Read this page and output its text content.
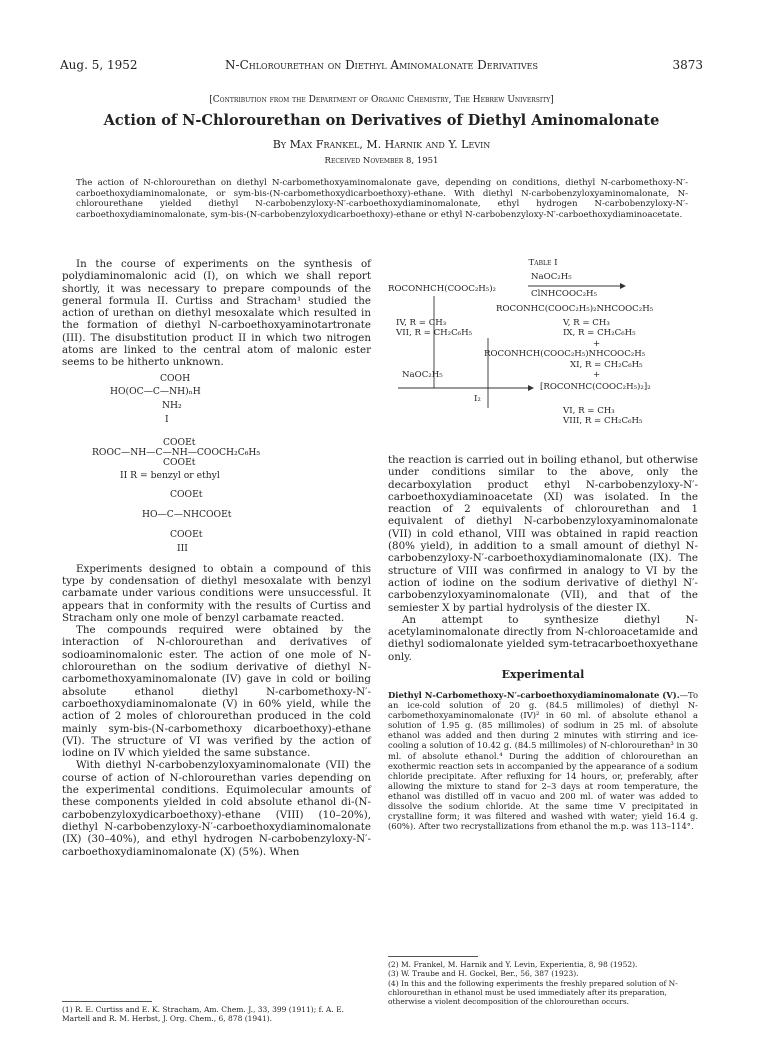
Aug. 5, 1952	N-Chlorourethan on Diethyl Aminomalonate Derivatives	3873
[Contribution from the Department of Organic Chemistry, The Hebrew University]
Action of N-Chlorourethan on Derivatives of Diethyl Aminomalonate
By Max Frankel, M. Harnik and Y. Levin
Received November 8, 1951
The action of N-chlorourethan on diethyl N-carbomethoxyaminomalonate gave, depending on conditions, diethyl N-carbomethoxy-N′-carboethoxydiaminomalonate, or sym-bis-(N-carbomethoxydicarboethoxy)-ethane. With diethyl N-carbobenzyloxyaminomalonate, N-chlorourethane yielded diethyl N-carbobenzyloxy-N′-carboethoxydiaminomalonate, ethyl hydrogen N-carbobenzyloxy-N′-carboethoxydiaminomalonate, sym-bis-(N-carbobenzyloxydicarboethoxy)-ethane or ethyl N-carbobenzyloxy-N′-carboethoxydiaminoacetate.

In the course of experiments on the synthesis of polydiaminomalonic acid (I), on which we shall report shortly, it was necessary to prepare compounds of the general formula II. Curtiss and Stracham¹ studied the action of urethan on diethyl mesoxalate which resulted in the formation of diethyl N-carboethoxyaminotartronate (III). The disubstitution product II in which two nitrogen atoms are linked to the central atom of malonic ester seems to be hitherto unknown.

COOH
HO(OC—C—NH)ₙH
NH₂
I
COOEt
ROOC—NH—C—NH—COOCH₂C₆H₅
COOEt
II R = benzyl or ethyl
COOEt
HO—C—NHCOOEt
COOEt
III

Experiments designed to obtain a compound of this type by condensation of diethyl mesoxalate with benzyl carbamate under various conditions were unsuccessful. It appears that in conformity with the results of Curtiss and Stracham only one mole of benzyl carbamate reacted.

The compounds required were obtained by the interaction of N-chlorourethan and derivatives of sodioaminomalonic ester. The action of one mole of N-chlorourethan on the sodium derivative of diethyl N-carbomethoxyaminomalonate (IV) gave in cold or boiling absolute ethanol diethyl N-carbomethoxy-N′-carboethoxydiaminomalonate (V) in 60% yield, while the action of 2 moles of chlorourethan produced in the cold mainly sym-bis-(N-carbomethoxy dicarboethoxy)-ethane (VI). The structure of VI was verified by the action of iodine on IV which yielded the same substance.

With diethyl N-carbobenzyloxyaminomalonate (VII) the course of action of N-chlorourethan varies depending on the experimental conditions. Equimolecular amounts of these components yielded in cold absolute ethanol di-(N-carbobenzyloxydicarboethoxy)-ethane (VIII) (10–20%), diethyl N-carbobenzyloxy-N′-carboethoxydiaminomalonate (IX) (30–40%), and ethyl hydrogen N-carbobenzyloxy-N′-carboethoxydiaminomalonate (X) (5%). When

(1) R. E. Curtiss and E. K. Stracham, Am. Chem. J., 33, 399 (1911); f. A. E. Martell and R. M. Herbst, J. Org. Chem., 6, 878 (1941).
Table I
NaOC₂H₅
ROCONHCH(COOC₂H₅)₂	ClNHCOOC₂H₅
ROCONHC(COOC₂H₅)₂NHCOOC₂H₅
IV, R = CH₃
VII, R = CH₂C₆H₅
V, R = CH₃
IX, R = CH₂C₆H₅
+
ROCONHCH(COOC₂H₅)NHCOOC₂H₅
XI, R = CH₂C₆H₅
NaOC₂H₅	+
[ROCONHC(COOC₂H₅)₂]₂
I₂
VI, R = CH₃
VIII, R = CH₂C₆H₅

the reaction is carried out in boiling ethanol, but otherwise under conditions similar to the above, only the decarboxylation product ethyl N-carbobenzyloxy-N′-carboethoxydiaminoacetate (XI) was isolated. In the reaction of 2 equivalents of chlorourethan and 1 equivalent of diethyl N-carbobenzyloxyaminomalonate (VII) in cold ethanol, VIII was obtained in rapid reaction (80% yield), in addition to a small amount of diethyl N-carbobenzyloxy-N′-carboethoxydiaminomalonate (IX). The structure of VIII was confirmed in analogy to VI by the action of iodine on the sodium derivative of diethyl N′-carbobenzyloxyaminomalonate (VII), and that of the semiester X by partial hydrolysis of the diester IX.

An attempt to synthesize diethyl N-acetylaminomalonate directly from N-chloroacetamide and diethyl sodiomalonate yielded sym-tetracarboethoxyethane only.

Experimental
Diethyl N-Carbomethoxy-N′-carboethoxydiaminomalonate (V).—To an ice-cold solution of 20 g. (84.5 millimoles) of diethyl N-carbomethoxyaminomalonate (IV)² in 60 ml. of absolute ethanol a solution of 1.95 g. (85 millimoles) of sodium in 25 ml. of absolute ethanol was added and then during 2 minutes with stirring and ice-cooling a solution of 10.42 g. (84.5 millimoles) of N-chlorourethan³ in 30 ml. of absolute ethanol.⁴ During the addition of chlorourethan an exothermic reaction sets in accompanied by the appearance of a sodium chloride precipitate. After refluxing for 14 hours, or, preferably, after allowing the mixture to stand for 2–3 days at room temperature, the ethanol was distilled off in vacuo and 200 ml. of water was added to dissolve the sodium chloride. At the same time V precipitated in crystalline form; it was filtered and washed with water; yield 16.4 g. (60%). After two recrystallizations from ethanol the m.p. was 113–114°.
(2) M. Frankel, M. Harnik and Y. Levin, Experientia, 8, 98 (1952).
(3) W. Traube and H. Gockel, Ber., 56, 387 (1923).
(4) In this and the following experiments the freshly prepared solution of N-chlorourethan in ethanol must be used immediately after its preparation, otherwise a violent decomposition of the chlorourethan occurs.
